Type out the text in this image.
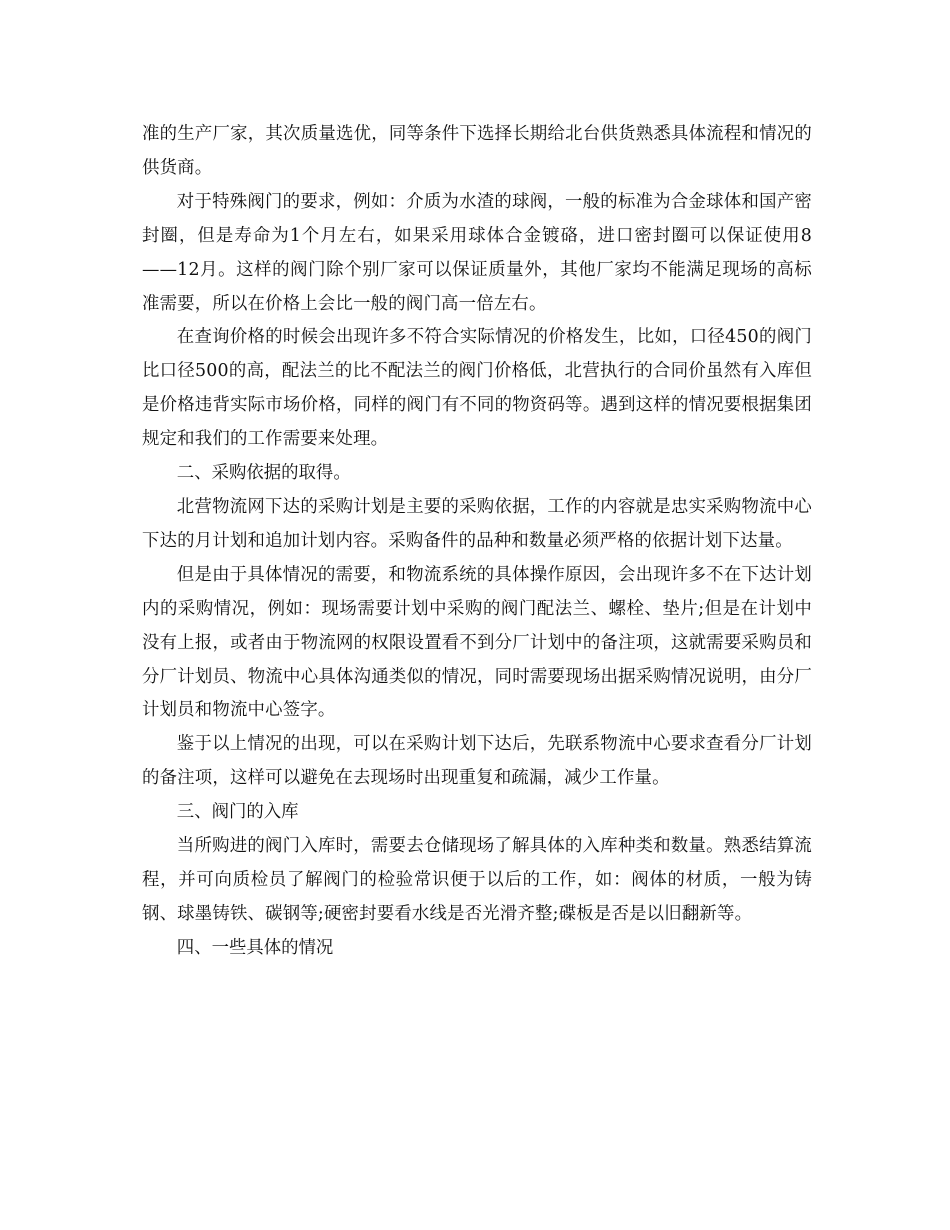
准的生产厂家，其次质量选优，同等条件下选择长期给北台供货熟悉具体流程和情况的供货商。

对于特殊阀门的要求，例如：介质为水渣的球阀，一般的标准为合金球体和国产密封圈，但是寿命为1个月左右，如果采用球体合金镀硌，进口密封圈可以保证使用8——12月。这样的阀门除个别厂家可以保证质量外，其他厂家均不能满足现场的高标准需要，所以在价格上会比一般的阀门高一倍左右。

在查询价格的时候会出现许多不符合实际情况的价格发生，比如，口径450的阀门比口径500的高，配法兰的比不配法兰的阀门价格低，北营执行的合同价虽然有入库但是价格违背实际市场价格，同样的阀门有不同的物资码等。遇到这样的情况要根据集团规定和我们的工作需要来处理。

二、采购依据的取得。

北营物流网下达的采购计划是主要的采购依据，工作的内容就是忠实采购物流中心下达的月计划和追加计划内容。采购备件的品种和数量必须严格的依据计划下达量。

但是由于具体情况的需要，和物流系统的具体操作原因，会出现许多不在下达计划内的采购情况，例如：现场需要计划中采购的阀门配法兰、螺栓、垫片;但是在计划中没有上报，或者由于物流网的权限设置看不到分厂计划中的备注项，这就需要采购员和分厂计划员、物流中心具体沟通类似的情况，同时需要现场出据采购情况说明，由分厂计划员和物流中心签字。

鉴于以上情况的出现，可以在采购计划下达后，先联系物流中心要求查看分厂计划的备注项，这样可以避免在去现场时出现重复和疏漏，减少工作量。

三、阀门的入库

当所购进的阀门入库时，需要去仓储现场了解具体的入库种类和数量。熟悉结算流程，并可向质检员了解阀门的检验常识便于以后的工作，如：阀体的材质，一般为铸钢、球墨铸铁、碳钢等;硬密封要看水线是否光滑齐整;碟板是否是以旧翻新等。

四、一些具体的情况
